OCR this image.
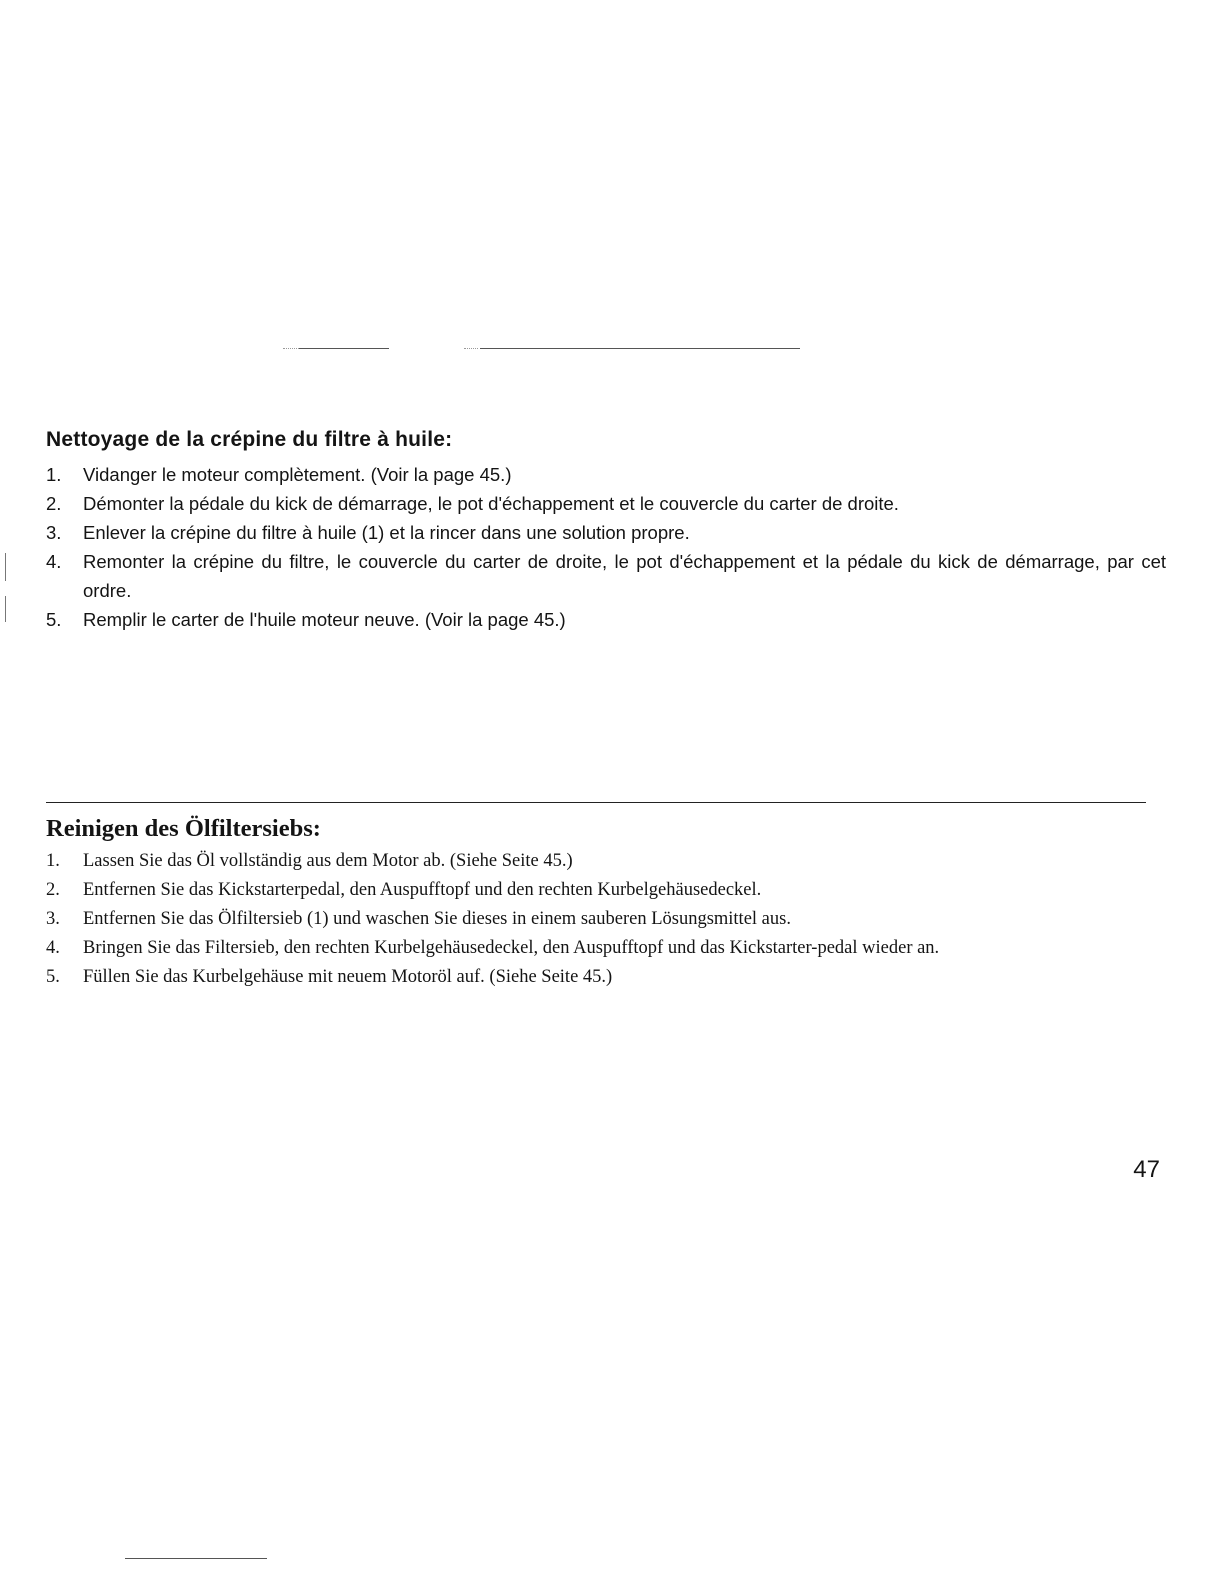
Nettoyage de la crépine du filtre à huile:
1.	Vidanger le moteur complètement. (Voir la page 45.)
2.	Démonter la pédale du kick de démarrage, le pot d'échappement et le couvercle du carter de droite.
3.	Enlever la crépine du filtre à huile (1) et la rincer dans une solution propre.
4.	Remonter la crépine du filtre, le couvercle du carter de droite, le pot d'échappement et la pédale du kick de démarrage, par cet ordre.
5.	Remplir le carter de l'huile moteur neuve. (Voir la page 45.)
Reinigen des Ölfiltersiebs:
1.	Lassen Sie das Öl vollständig aus dem Motor ab. (Siehe Seite 45.)
2.	Entfernen Sie das Kickstarterpedal, den Auspufftopf und den rechten Kurbelgehäusedeckel.
3.	Entfernen Sie das Ölfiltersieb (1) und waschen Sie dieses in einem sauberen Lösungsmittel aus.
4.	Bringen Sie das Filtersieb, den rechten Kurbelgehäusedeckel, den Auspufftopf und das Kickstarter-pedal wieder an.
5.	Füllen Sie das Kurbelgehäuse mit neuem Motoröl auf. (Siehe Seite 45.)
47
